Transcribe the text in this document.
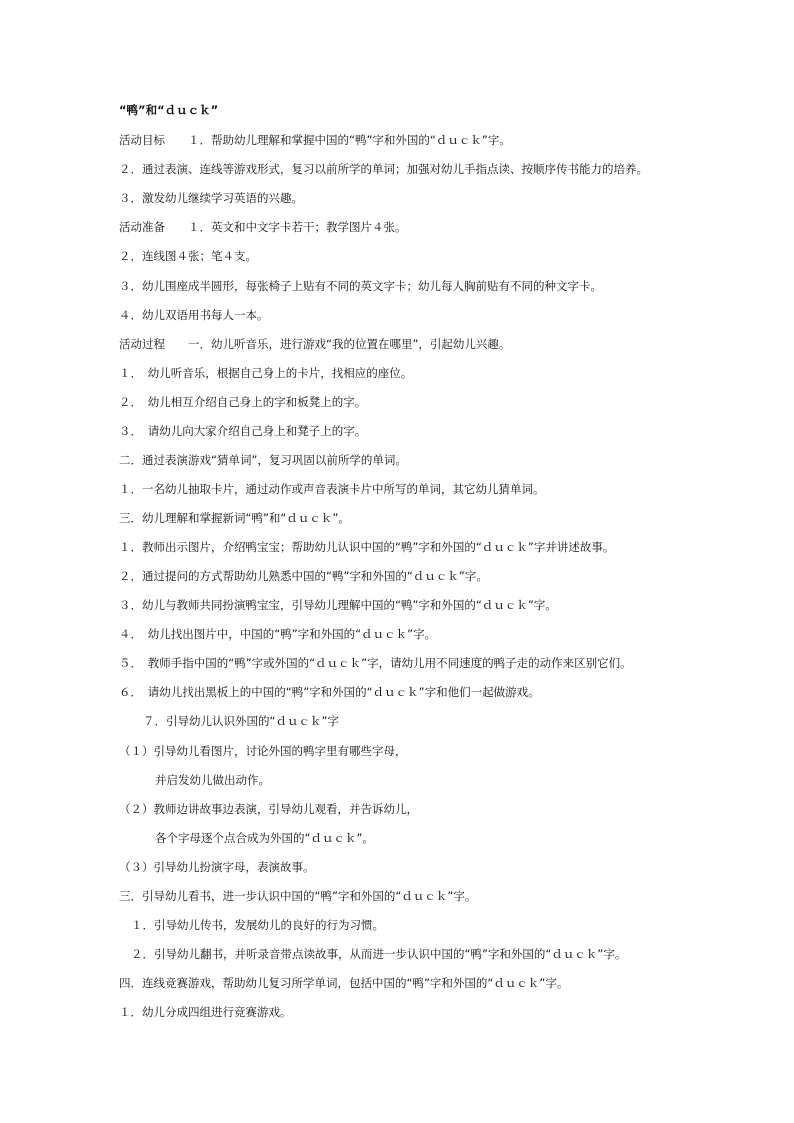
“鸭”和“ｄｕｃｋ”
活动目标　　１．帮助幼儿理解和掌握中国的“鸭”字和外国的“ｄｕｃｋ”字。
２．通过表演、连线等游戏形式，复习以前所学的单词；加强对幼儿手指点读、按顺序传书能力的培养。
３．激发幼儿继续学习英语的兴趣。
活动准备　　１．英文和中文字卡若干；教学图片４张。
２．连线图４张；笔４支。
３．幼儿围座成半圆形，每张椅子上贴有不同的英文字卡；幼儿每人胸前贴有不同的种文字卡。
４．幼儿双语用书每人一本。
活动过程　　一．幼儿听音乐，进行游戏“我的位置在哪里”，引起幼儿兴趣。
１．　幼儿听音乐，根据自己身上的卡片，找相应的座位。
２．　幼儿相互介绍自己身上的字和板凳上的字。
３．　请幼儿向大家介绍自己身上和凳子上的字。
二．通过表演游戏“猜单词”，复习巩固以前所学的单词。
１．一名幼儿抽取卡片，通过动作或声音表演卡片中所写的单词，其它幼儿猜单词。
三．幼儿理解和掌握新词“鸭”和“ｄｕｃｋ”。
１．教师出示图片，介绍鸭宝宝；帮助幼儿认识中国的“鸭”字和外国的“ｄｕｃｋ”字并讲述故事。
２．通过提问的方式帮助幼儿熟悉中国的“鸭”字和外国的“ｄｕｃｋ”字。
３．幼儿与教师共同扮演鸭宝宝，引导幼儿理解中国的“鸭”字和外国的“ｄｕｃｋ”字。
４．　幼儿找出图片中，中国的“鸭”字和外国的“ｄｕｃｋ”字。
５．　教师手指中国的“鸭”字或外国的“ｄｕｃｋ”字，请幼儿用不同速度的鸭子走的动作来区别它们。
６．　请幼儿找出黑板上的中国的“鸭”字和外国的“ｄｕｃｋ”字和他们一起做游戏。
７．引导幼儿认识外国的“ｄｕｃｋ”字
（１）引导幼儿看图片，讨论外国的鸭字里有哪些字母，
并启发幼儿做出动作。
（２）教师边讲故事边表演，引导幼儿观看，并告诉幼儿，
各个字母逐个点合成为外国的“ｄｕｃｋ”。
（３）引导幼儿扮演字母，表演故事。
三．引导幼儿看书，进一步认识中国的“鸭”字和外国的“ｄｕｃｋ”字。
１．引导幼儿传书，发展幼儿的良好的行为习惯。
２．引导幼儿翻书，并听录音带点读故事，从而进一步认识中国的“鸭”字和外国的“ｄｕｃｋ”字。
四．连线竞赛游戏，帮助幼儿复习所学单词，包括中国的“鸭”字和外国的“ｄｕｃｋ”字。
１．幼儿分成四组进行竞赛游戏。
